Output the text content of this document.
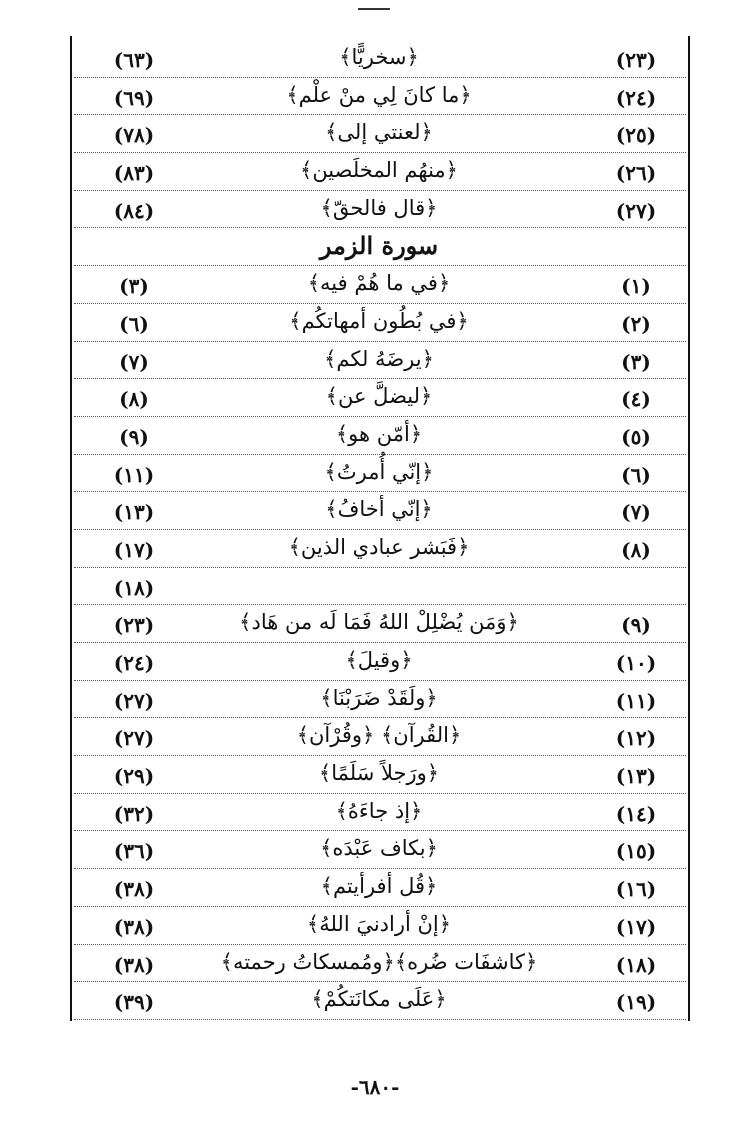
(٦٣)	﴿سخريًّا﴾	(٢٣)
(٦٩)	﴿ما كانَ لِي منْ علْم﴾	(٢٤)
(٧٨)	﴿لعنتي إلى﴾	(٢٥)
(٨٣)	﴿منهُم المخلَصين﴾	(٢٦)
(٨٤)	﴿قال فالحقّ﴾	(٢٧)
سورة الزمر
(٣)	﴿في ما هُمْ فيه﴾	(١)
(٦)	﴿في بُطُون أمهاتكُم﴾	(٢)
(٧)	﴿يرضَهُ لكم﴾	(٣)
(٨)	﴿ليضلَّ عن﴾	(٤)
(٩)	﴿أمّن هو﴾	(٥)
(١١)	﴿إنّي أُمرتُ﴾	(٦)
(١٣)	﴿إنّي أخافُ﴾	(٧)
(١٧)	﴿فَبَشر عبادي الذين﴾	(٨)
(١٨)
(٢٣)	﴿وَمَن يُضْلِلْ اللهُ فَمَا لَه من هَاد﴾	(٩)
(٢٤)	﴿وقيلَ﴾	(١٠)
(٢٧)	﴿ولَقَدْ ضَرَبْنَا﴾	(١١)
(٢٧)	﴿القُرآن﴾ ﴿وقُرْآن﴾	(١٢)
(٢٩)	﴿ورَجلاً سَلَمًا﴾	(١٣)
(٣٢)	﴿إذ جاءَهُ﴾	(١٤)
(٣٦)	﴿بكاف عَبْدَه﴾	(١٥)
(٣٨)	﴿قُل أفرأيتم﴾	(١٦)
(٣٨)	﴿إنْ أرادنيَ اللهُ﴾	(١٧)
(٣٨)	﴿كاشفَات ضُره﴾﴿ومُمسكاتُ رحمته﴾	(١٨)
(٣٩)	﴿عَلَى مكانَتكُمْ﴾	(١٩)
-٦٨٠-
